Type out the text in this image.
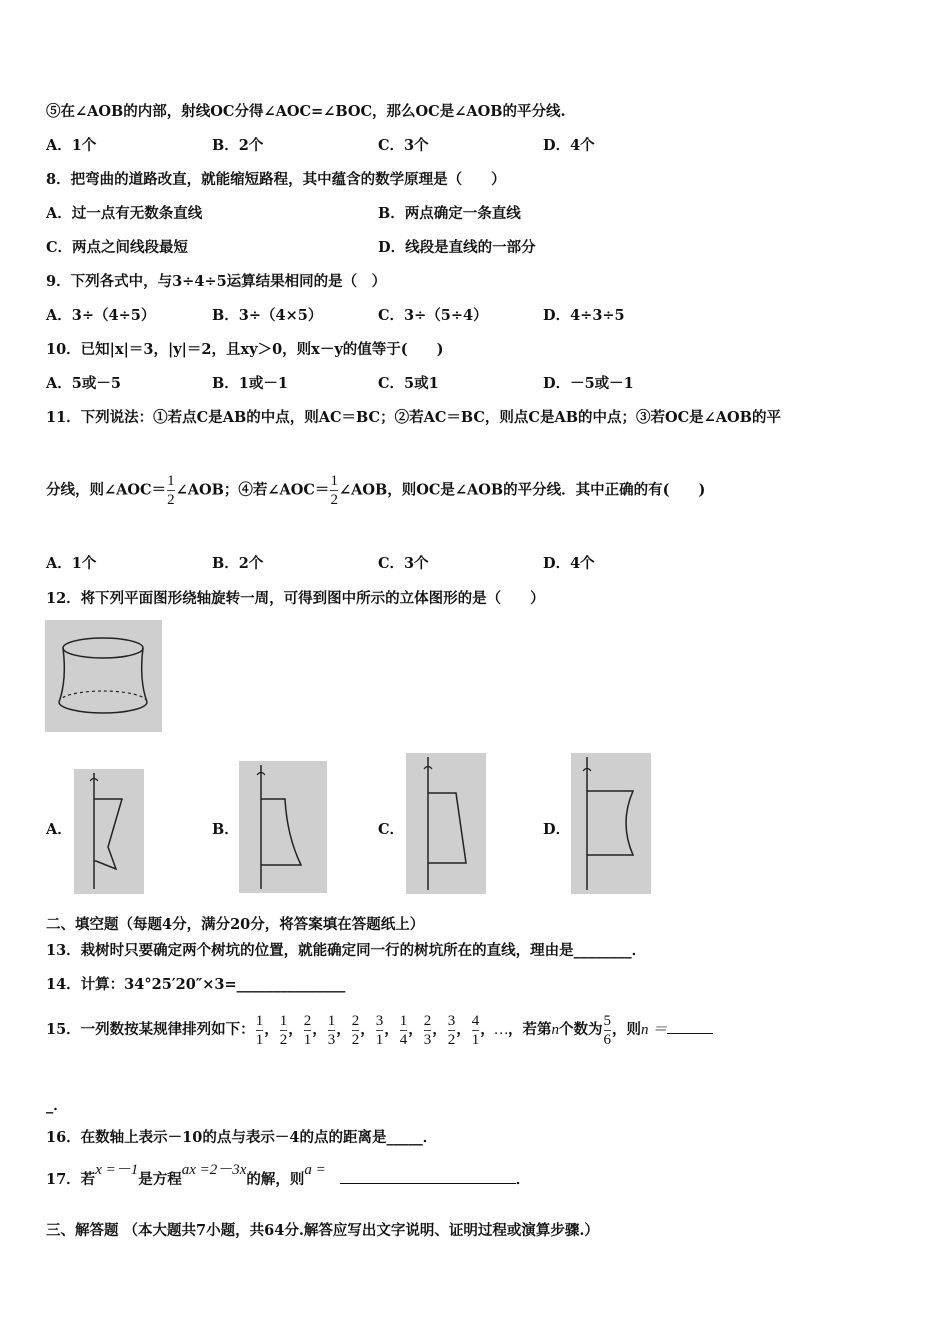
⑤在∠AOB的内部，射线OC分得∠AOC=∠BOC，那么OC是∠AOB的平分线.
A．1个	B．2个	C．3个	D．4个
8．把弯曲的道路改直，就能缩短路程，其中蕴含的数学原理是（　　）
A．过一点有无数条直线	B．两点确定一条直线
C．两点之间线段最短	D．线段是直线的一部分
9．下列各式中，与3÷4÷5运算结果相同的是（　）
A．3÷（4÷5）	B．3÷（4×5）	C．3÷（5÷4）	D．4÷3÷5
10．已知|x|＝3，|y|＝2，且xy＞0，则x－y的值等于(　　)
A．5或－5	B．1或－1	C．5或1	D．－5或－1
11．下列说法：①若点C是AB的中点，则AC＝BC；②若AC＝BC，则点C是AB的中点；③若OC是∠AOB的平
分线，则∠AOC＝ $\frac{1}{2}$ ∠AOB；④若∠AOC＝ $\frac{1}{2}$ ∠AOB，则OC是∠AOB的平分线．其中正确的有(　　)
A．1个	B．2个	C．3个	D．4个
12．将下列平面图形绕轴旋转一周，可得到图中所示的立体图形的是（　　）
A．	B．	C．	D．
二、填空题（每题4分，满分20分，将答案填在答题纸上）
13．栽树时只要确定两个树坑的位置，就能确定同一行的树坑所在的直线，理由是________．
14．计算：34°25′20″×3=_______________
15．一列数按某规律排列如下： $\frac{1}{1}$ ， $\frac{1}{2}$ ， $\frac{2}{1}$ ， $\frac{1}{3}$ ， $\frac{2}{2}$ ， $\frac{3}{1}$ ， $\frac{1}{4}$ ， $\frac{2}{3}$ ， $\frac{3}{2}$ ， $\frac{4}{1}$ ，…，若第n个数为 $\frac{5}{6}$ ，则n ＝
_．
16．在数轴上表示－10的点与表示－4的点的距离是_____．
17．若x =－1是方程ax =2－3x的解，则a =．
三、解答题 （本大题共7小题，共64分.解答应写出文字说明、证明过程或演算步骤.）
